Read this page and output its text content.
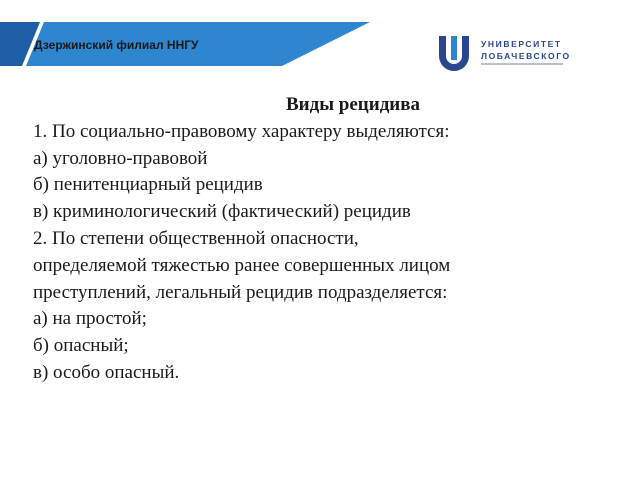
Дзержинский филиал ННГУ	УНИВЕРСИТЕТ
ЛОБАЧЕВСКОГО

Виды рецидива

1. По социально-правовому характеру выделяются:

а) уголовно-правовой

б) пенитенциарный рецидив

в) криминологический (фактический) рецидив

2. По степени общественной опасности,

определяемой тяжестью ранее совершенных лицом

преступлений, легальный рецидив подразделяется:

а) на простой;

б) опасный;

в) особо опасный.
